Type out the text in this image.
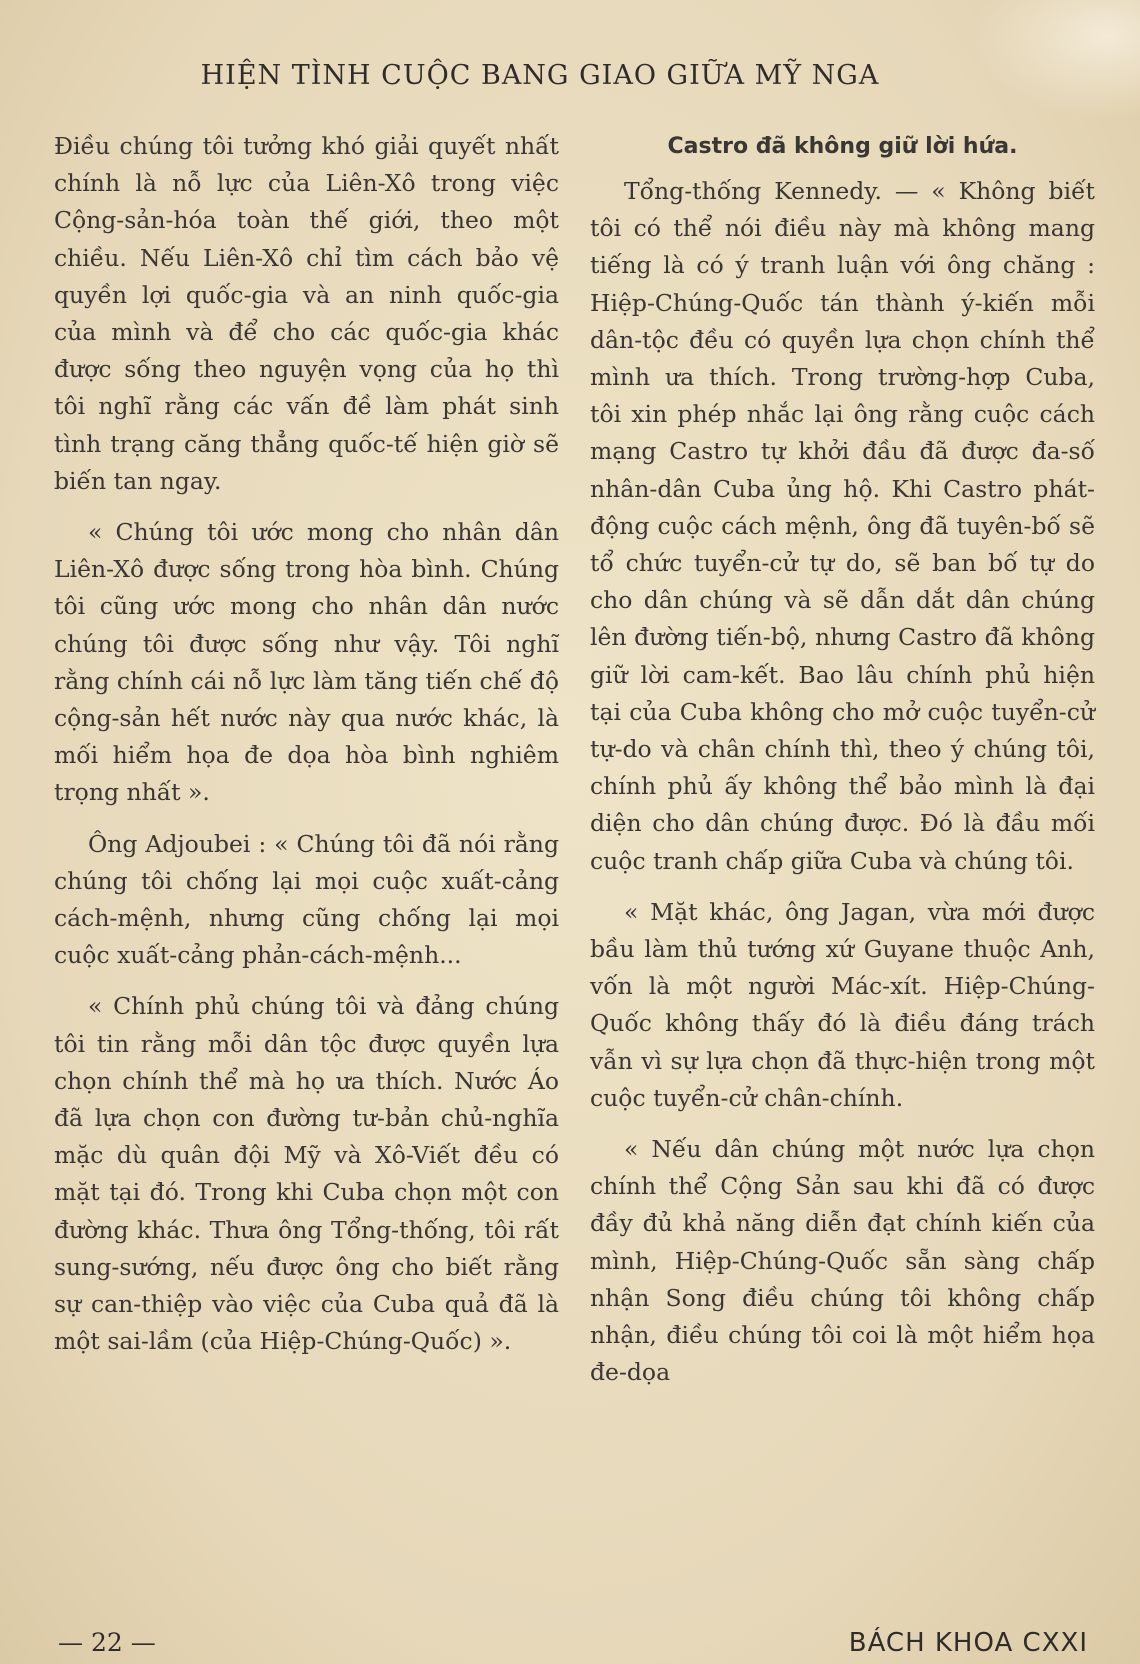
HIỆN TÌNH CUỘC BANG GIAO GIỮA MỸ NGA

Điều chúng tôi tưởng khó giải quyết nhất chính là nỗ lực của Liên-Xô trong việc Cộng-sản-hóa toàn thế giới, theo một chiều. Nếu Liên-Xô chỉ tìm cách bảo vệ quyền lợi quốc-gia và an ninh quốc-gia của mình và để cho các quốc-gia khác được sống theo nguyện vọng của họ thì tôi nghĩ rằng các vấn đề làm phát sinh tình trạng căng thẳng quốc-tế hiện giờ sẽ biến tan ngay.

« Chúng tôi ước mong cho nhân dân Liên-Xô được sống trong hòa bình. Chúng tôi cũng ước mong cho nhân dân nước chúng tôi được sống như vậy. Tôi nghĩ rằng chính cái nỗ lực làm tăng tiến chế độ cộng-sản hết nước này qua nước khác, là mối hiểm họa đe dọa hòa bình nghiêm trọng nhất ».

Ông Adjoubei : « Chúng tôi đã nói rằng chúng tôi chống lại mọi cuộc xuất-cảng cách-mệnh, nhưng cũng chống lại mọi cuộc xuất-cảng phản-cách-mệnh...

« Chính phủ chúng tôi và đảng chúng tôi tin rằng mỗi dân tộc được quyền lựa chọn chính thể mà họ ưa thích. Nước Áo đã lựa chọn con đường tư-bản chủ-nghĩa mặc dù quân đội Mỹ và Xô-Viết đều có mặt tại đó. Trong khi Cuba chọn một con đường khác. Thưa ông Tổng-thống, tôi rất sung-sướng, nếu được ông cho biết rằng sự can-thiệp vào việc của Cuba quả đã là một sai-lầm (của Hiệp-Chúng-Quốc) ».

Castro đã không giữ lời hứa.

Tổng-thống Kennedy. — « Không biết tôi có thể nói điều này mà không mang tiếng là có ý tranh luận với ông chăng : Hiệp-Chúng-Quốc tán thành ý-kiến mỗi dân-tộc đều có quyền lựa chọn chính thể mình ưa thích. Trong trường-hợp Cuba, tôi xin phép nhắc lại ông rằng cuộc cách mạng Castro tự khởi đầu đã được đa-số nhân-dân Cuba ủng hộ. Khi Castro phát-động cuộc cách mệnh, ông đã tuyên-bố sẽ tổ chức tuyển-cử tự do, sẽ ban bố tự do cho dân chúng và sẽ dẫn dắt dân chúng lên đường tiến-bộ, nhưng Castro đã không giữ lời cam-kết. Bao lâu chính phủ hiện tại của Cuba không cho mở cuộc tuyển-cử tự-do và chân chính thì, theo ý chúng tôi, chính phủ ấy không thể bảo mình là đại diện cho dân chúng được. Đó là đầu mối cuộc tranh chấp giữa Cuba và chúng tôi.

« Mặt khác, ông Jagan, vừa mới được bầu làm thủ tướng xứ Guyane thuộc Anh, vốn là một người Mác-xít. Hiệp-Chúng-Quốc không thấy đó là điều đáng trách vẫn vì sự lựa chọn đã thực-hiện trong một cuộc tuyển-cử chân-chính.

« Nếu dân chúng một nước lựa chọn chính thể Cộng Sản sau khi đã có được đầy đủ khả năng diễn đạt chính kiến của mình, Hiệp-Chúng-Quốc sẵn sàng chấp nhận Song điều chúng tôi không chấp nhận, điều chúng tôi coi là một hiểm họa đe-dọa

— 22 —	BÁCH KHOA CXXI
